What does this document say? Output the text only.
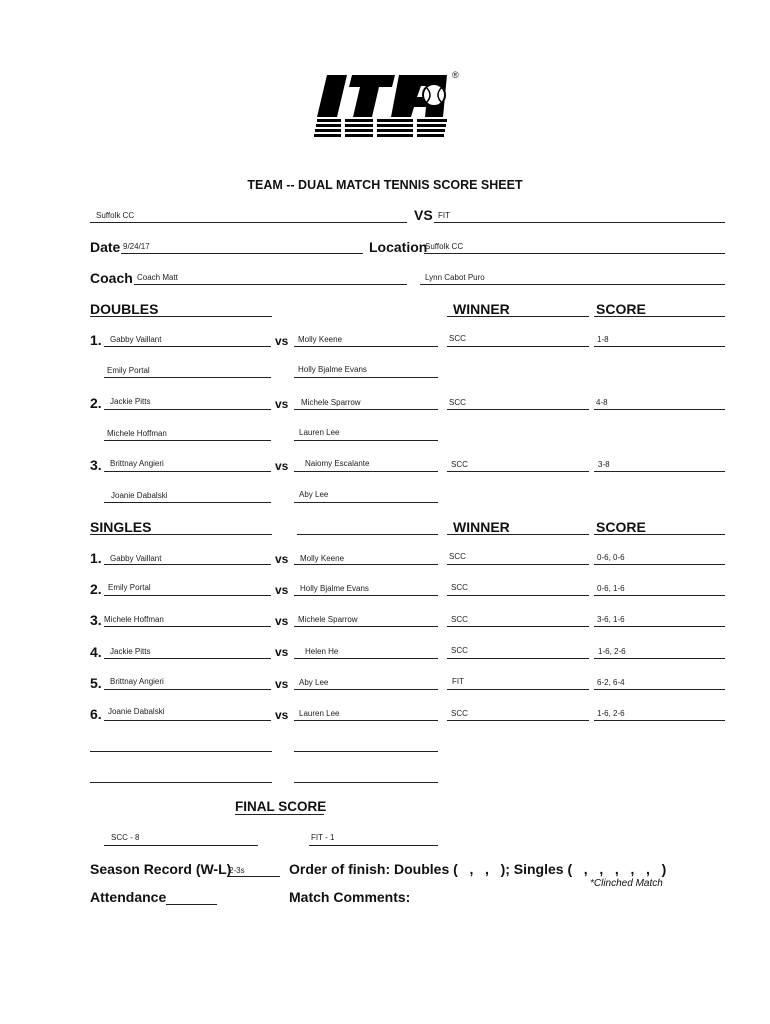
®
TEAM -- DUAL MATCH TENNIS SCORE SHEET
Suffolk CC	VS FIT
Date 9/24/17	Location
Suffolk CC
Coach Coach Matt	Lynn Cabot Puro
DOUBLES	WINNER	SCORE
1. Gabby Vaillant	vs Molly Keene	SCC	1-8
Emily Portal	Holly Bjalme Evans
2. Jackie Pitts	vs Michele Sparrow	SCC	4-8
Michele Hoffman	Lauren Lee
3. Brittnay Angieri	vs Naiomy Escalante	SCC	3-8
Joanie Dabalski	Aby Lee
SINGLES	WINNER	SCORE
1. Gabby Vaillant	vs Molly Keene	SCC	0-6, 0-6
2. Emily Portal	vs Holly Bjalme Evans	SCC	0-6, 1-6
3. Michele Hoffman	vs Michele Sparrow	SCC	3-6, 1-6
4. Jackie Pitts	vs Helen He	SCC	1-6, 2-6
5. Brittnay Angieri	vs Aby Lee	FIT	6-2, 6-4
6. Joanie Dabalski	vs Lauren Lee	SCC	1-6, 2-6
FINAL SCORE
SCC - 8	FIT - 1
Season Record (W-L)
2-3s	Order of finish: Doubles (   ,   ,   ); Singles (   ,   ,   ,   ,   ,   )
*Clinched Match
Attendance	Match Comments:
